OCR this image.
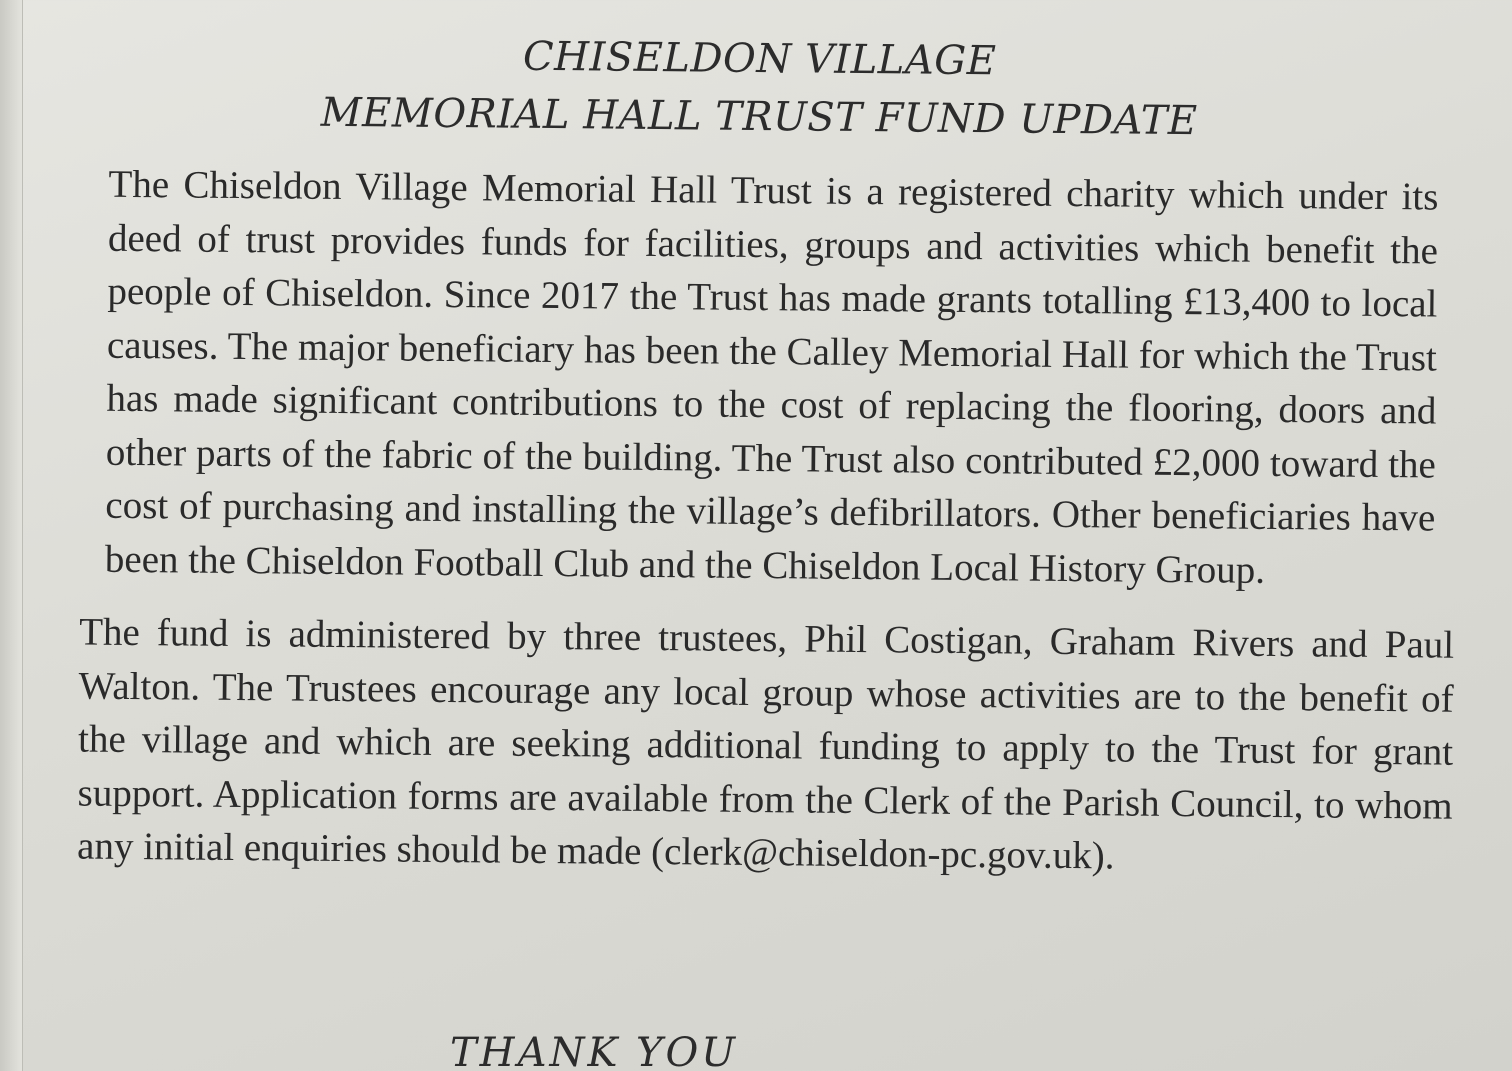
CHISELDON VILLAGE
MEMORIAL HALL TRUST FUND UPDATE

The Chiseldon Village Memorial Hall Trust is a registered charity which under its deed of trust provides funds for facilities, groups and activities which benefit the people of Chiseldon. Since 2017 the Trust has made grants totalling £13,400 to local causes. The major beneficiary has been the Calley Memorial Hall for which the Trust has made significant contributions to the cost of replacing the flooring, doors and other parts of the fabric of the building. The Trust also contributed £2,000 toward the cost of purchasing and installing the village’s defibrillators. Other beneficiaries have been the Chiseldon Football Club and the Chiseldon Local History Group.

The fund is administered by three trustees, Phil Costigan, Graham Rivers and Paul Walton. The Trustees encourage any local group whose activities are to the benefit of the village and which are seeking additional funding to apply to the Trust for grant support. Application forms are available from the Clerk of the Parish Council, to whom any initial enquiries should be made (clerk@chiseldon-pc.gov.uk).

THANK YOU
